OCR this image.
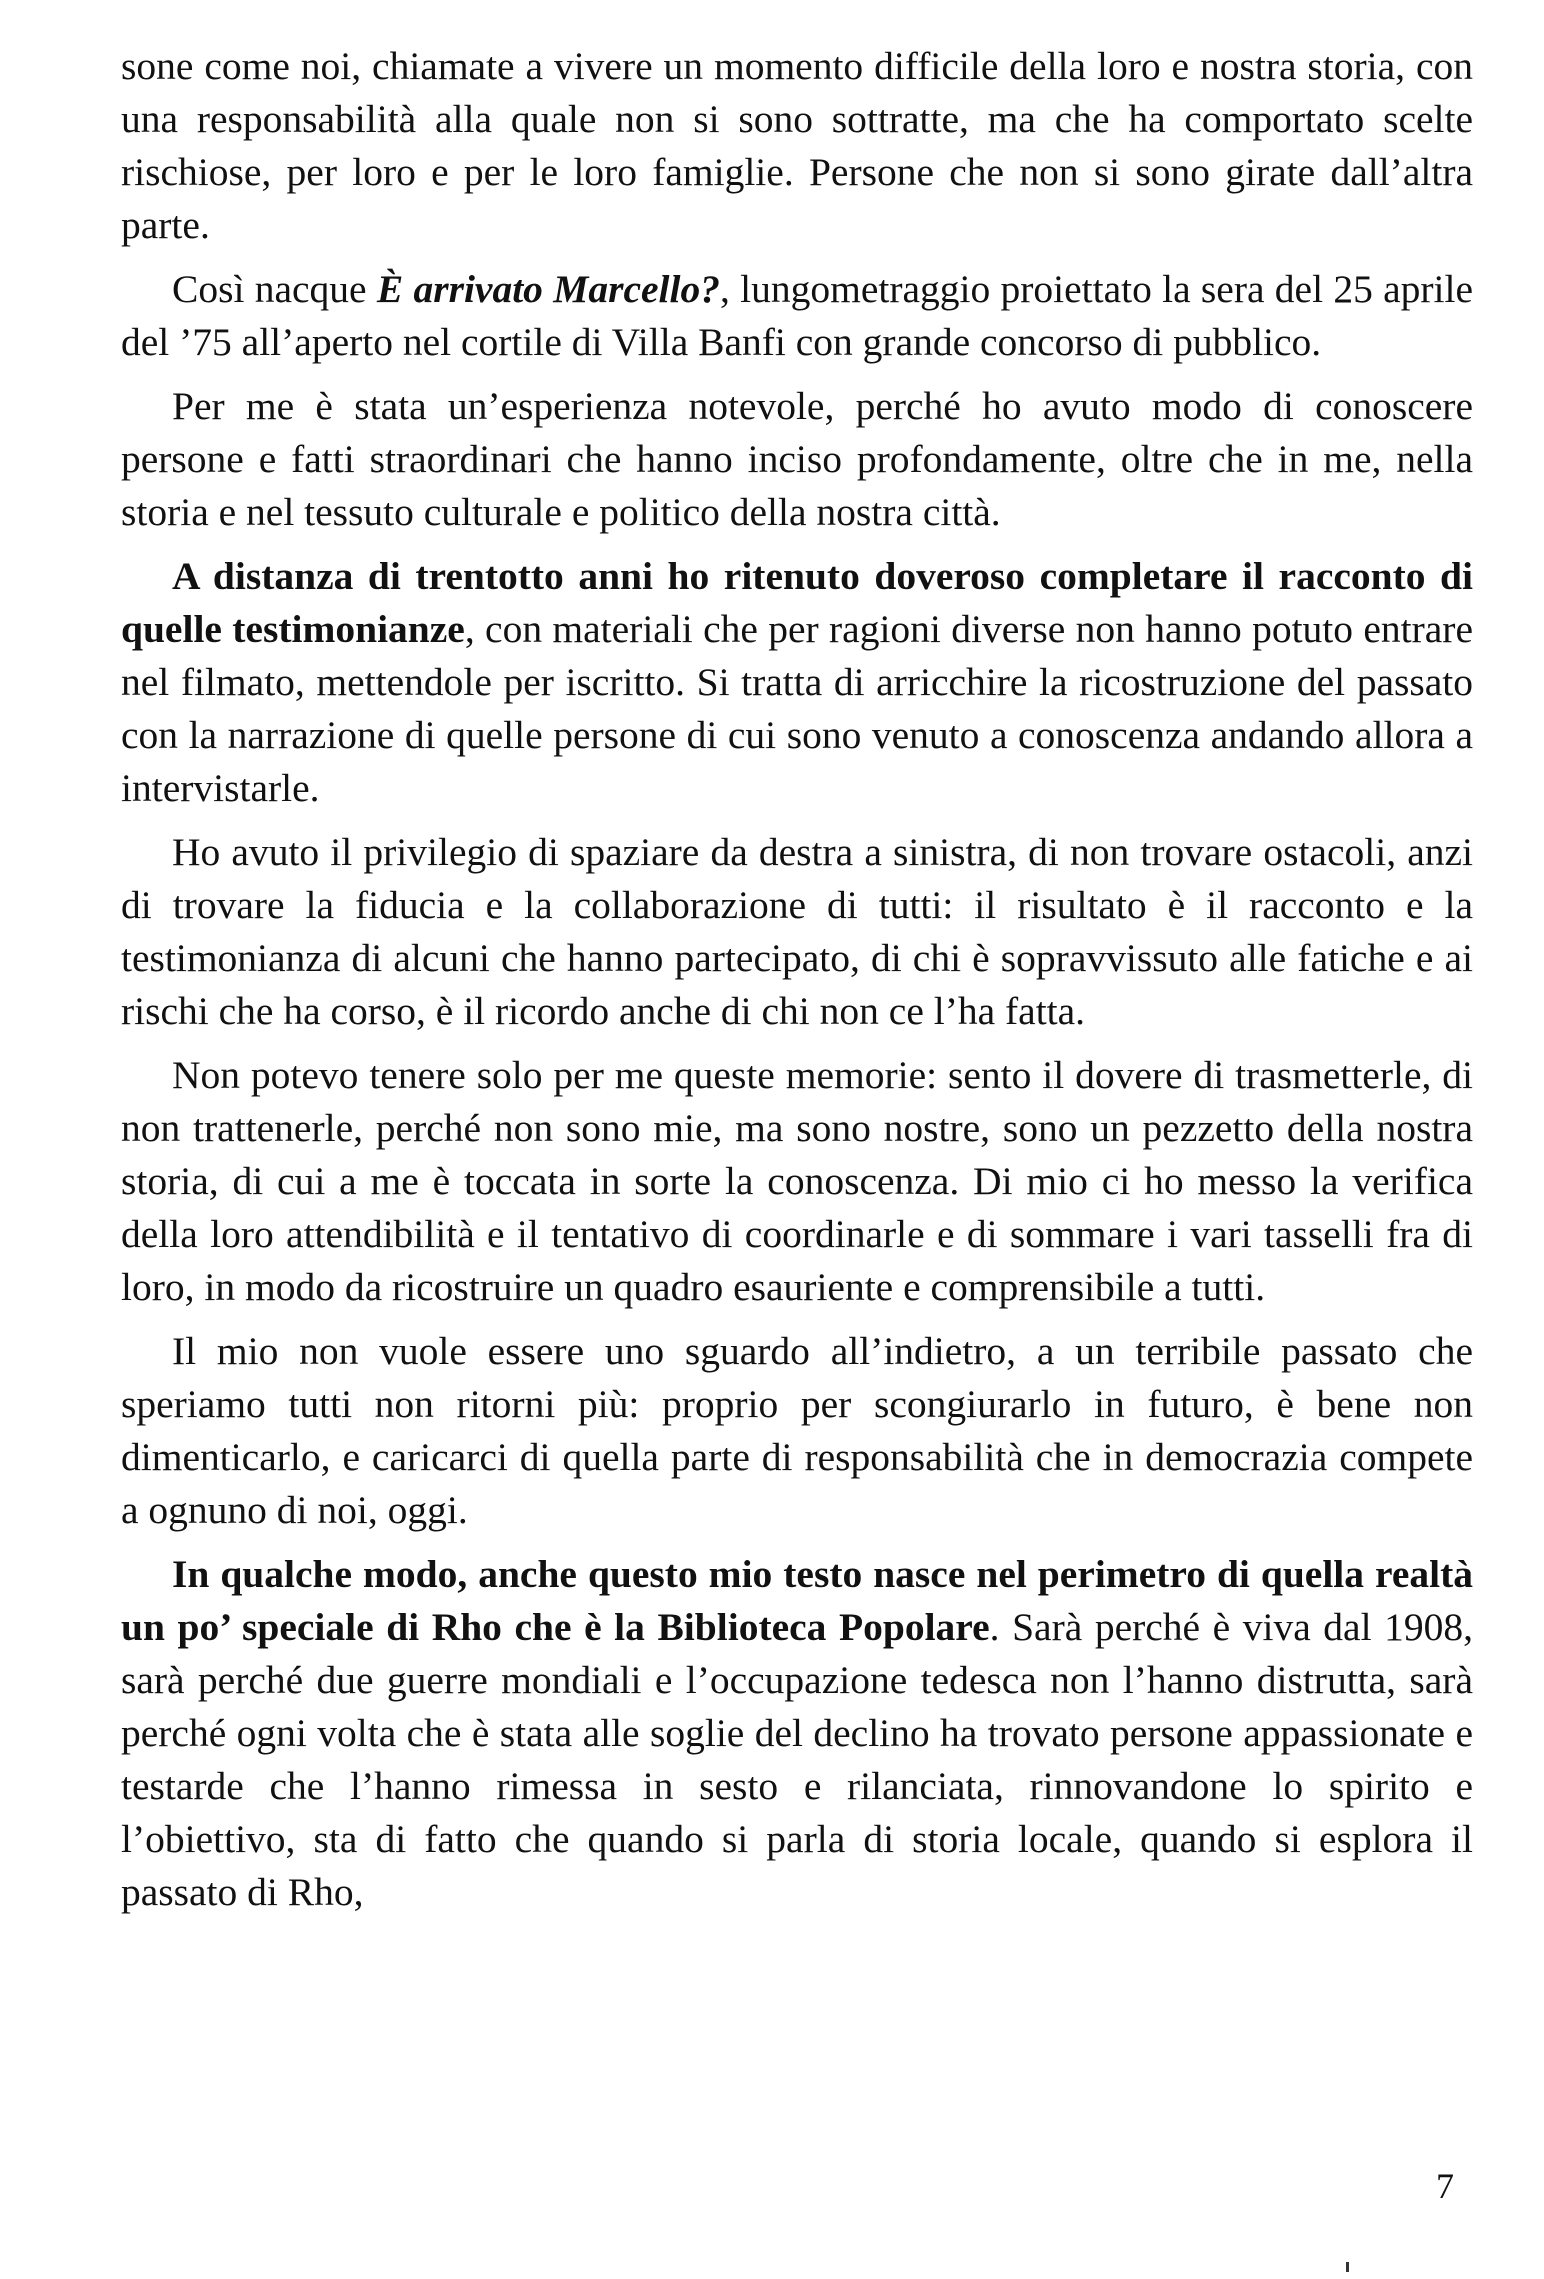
sone come noi, chiamate a vivere un momento difficile della loro e nostra storia, con una responsabilità alla quale non si sono sottratte, ma che ha comportato scelte rischiose, per loro e per le loro famiglie. Persone che non si sono girate dall’altra parte.

Così nacque È arrivato Marcello?, lungometraggio proiettato la sera del 25 aprile del ’75 all’aperto nel cortile di Villa Banfi con grande concorso di pubblico.

Per me è stata un’esperienza notevole, perché ho avuto modo di conoscere persone e fatti straordinari che hanno inciso profondamente, oltre che in me, nella storia e nel tessuto culturale e politico della nostra città.

A distanza di trentotto anni ho ritenuto doveroso completare il racconto di quelle testimonianze, con materiali che per ragioni diverse non hanno potuto entrare nel filmato, mettendole per iscritto. Si tratta di arricchire la ricostruzione del passato con la narrazione di quelle persone di cui sono venuto a conoscenza andando allora a intervistarle.

Ho avuto il privilegio di spaziare da destra a sinistra, di non trovare ostacoli, anzi di trovare la fiducia e la collaborazione di tutti: il risultato è il racconto e la testimonianza di alcuni che hanno partecipato, di chi è sopravvissuto alle fatiche e ai rischi che ha corso, è il ricordo anche di chi non ce l’ha fatta.

Non potevo tenere solo per me queste memorie: sento il dovere di trasmetterle, di non trattenerle, perché non sono mie, ma sono nostre, sono un pezzetto della nostra storia, di cui a me è toccata in sorte la conoscenza. Di mio ci ho messo la verifica della loro attendibilità e il tentativo di coordinarle e di sommare i vari tasselli fra di loro, in modo da ricostruire un quadro esauriente e comprensibile a tutti.

Il mio non vuole essere uno sguardo all’indietro, a un terribile passato che speriamo tutti non ritorni più: proprio per scongiurarlo in futuro, è bene non dimenticarlo, e caricarci di quella parte di responsabilità che in democrazia compete a ognuno di noi, oggi.

In qualche modo, anche questo mio testo nasce nel perimetro di quella realtà un po’ speciale di Rho che è la Biblioteca Popolare. Sarà perché è viva dal 1908, sarà perché due guerre mondiali e l’occupazione tedesca non l’hanno distrutta, sarà perché ogni volta che è stata alle soglie del declino ha trovato persone appassionate e testarde che l’hanno rimessa in sesto e rilanciata, rinnovandone lo spirito e l’obiettivo, sta di fatto che quando si parla di storia locale, quando si esplora il passato di Rho,

7
